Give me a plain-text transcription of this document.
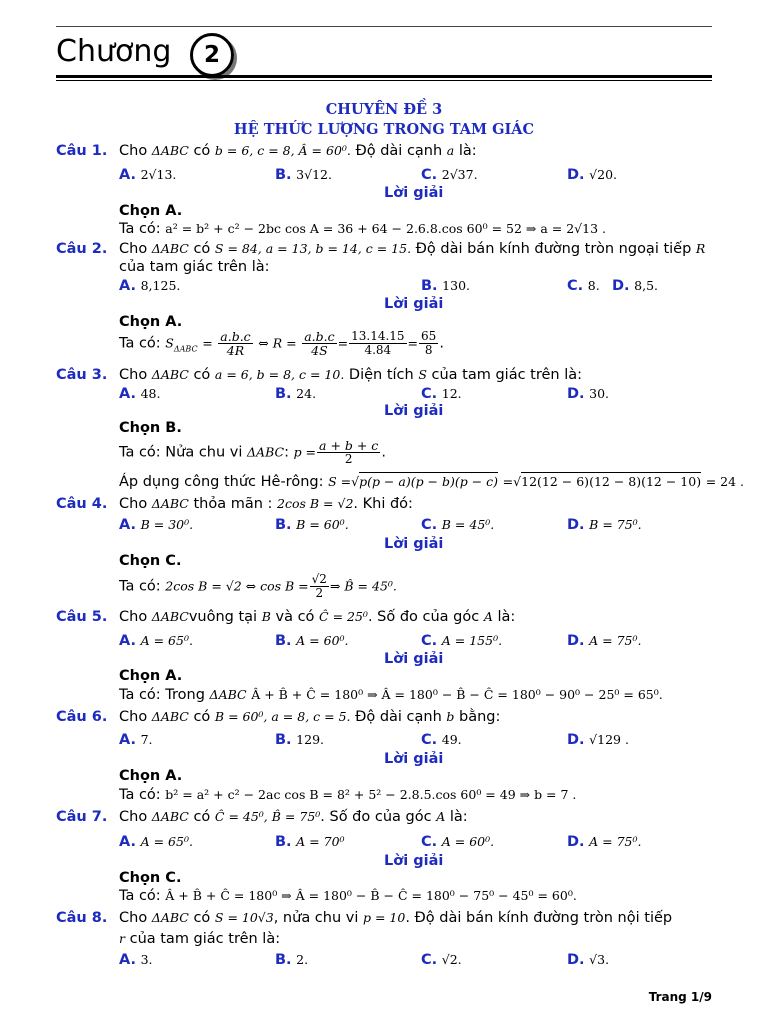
Chương	2
CHUYÊN ĐỀ 3
HỆ THỨC LƯỢNG TRONG TAM GIÁC
Câu 1. Cho ΔABC có b = 6, c = 8, Â = 60⁰. Độ dài cạnh a là:
A. 2√13.	B. 3√12.	C. 2√37.	D. √20.
Lời giải
Chọn A.
Ta có: a² = b² + c² − 2bc cos A = 36 + 64 − 2.6.8.cos 60⁰ = 52 ⇒ a = 2√13 .
Câu 2. Cho ΔABC có S = 84, a = 13, b = 14, c = 15. Độ dài bán kính đường tròn ngoại tiếp R
của tam giác trên là:
A. 8,125.	B. 130.	C. 8. D. 8,5.
Lời giải
Chọn A.
Ta có: $S_{\Delta ABC} = \frac{a.b.c}{4R}$ ⇔ $R = \frac{a.b.c}{4S} = \frac{13.14.15}{4.84} = \frac{65}{8}$ .
Câu 3. Cho ΔABC có a = 6, b = 8, c = 10. Diện tích S của tam giác trên là:
A. 48.	B. 24.	C. 12.	D. 30.
Lời giải
Chọn B.
Ta có: Nửa chu vi ΔABC: $p = \frac{a + b + c}{2}$ .
Áp dụng công thức Hê-rông: S =√p(p − a)(p − b)(p − c) =√12(12 − 6)(12 − 8)(12 − 10) = 24 .
Câu 4. Cho ΔABC thỏa mãn : 2cos B = √2. Khi đó:
A. B = 30⁰.	B. B = 60⁰.	C. B = 45⁰.	D. B = 75⁰.
Lời giải
Chọn C.
Ta có: 2cos B = √2 ⇔ $\cos B = \frac{√2}{2}$ ⇒ B̂ = 45⁰.
Câu 5. Cho ΔABCvuông tại B và có Ĉ = 25⁰. Số đo của góc A là:
A. A = 65⁰.	B. A = 60⁰.	C. A = 155⁰.	D. A = 75⁰.
Lời giải
Chọn A.
Ta có: Trong ΔABC Â + B̂ + Ĉ = 180⁰ ⇒ Â = 180⁰ − B̂ − Ĉ = 180⁰ − 90⁰ − 25⁰ = 65⁰.
Câu 6. Cho ΔABC có B = 60⁰, a = 8, c = 5. Độ dài cạnh b bằng:
A. 7.	B. 129.	C. 49.	D. √129 .
Lời giải
Chọn A.
Ta có: b² = a² + c² − 2ac cos B = 8² + 5² − 2.8.5.cos 60⁰ = 49 ⇒ b = 7 .
Câu 7. Cho ΔABC có Ĉ = 45⁰, B̂ = 75⁰. Số đo của góc A là:
A. A = 65⁰.	B. A = 70⁰	C. A = 60⁰.	D. A = 75⁰.
Lời giải
Chọn C.
Ta có: Â + B̂ + Ĉ = 180⁰ ⇒ Â = 180⁰ − B̂ − Ĉ = 180⁰ − 75⁰ − 45⁰ = 60⁰.
Câu 8. Cho ΔABC có S = 10√3, nửa chu vi p = 10. Độ dài bán kính đường tròn nội tiếp
r của tam giác trên là:
A. 3.	B. 2.	C. √2.	D. √3.
Trang 1/9
